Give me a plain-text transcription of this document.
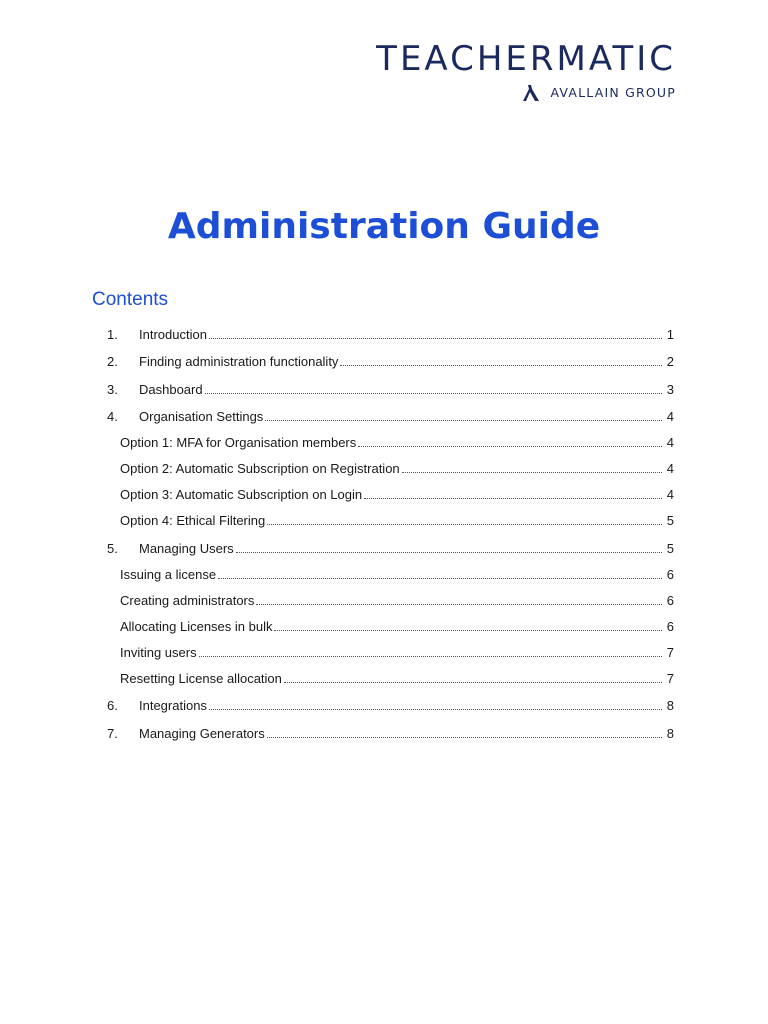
TEACHERMATIC
AVALLAIN GROUP
Administration Guide
Contents
1.	Introduction	1
2.	Finding administration functionality	2
3.	Dashboard	3
4.	Organisation Settings	4
Option 1: MFA for Organisation members	4
Option 2: Automatic Subscription on Registration	4
Option 3: Automatic Subscription on Login	4
Option 4: Ethical Filtering	5
5.	Managing Users	5
Issuing a license	6
Creating administrators	6
Allocating Licenses in bulk	6
Inviting users	7
Resetting License allocation	7
6.	Integrations	8
7.	Managing Generators	8
